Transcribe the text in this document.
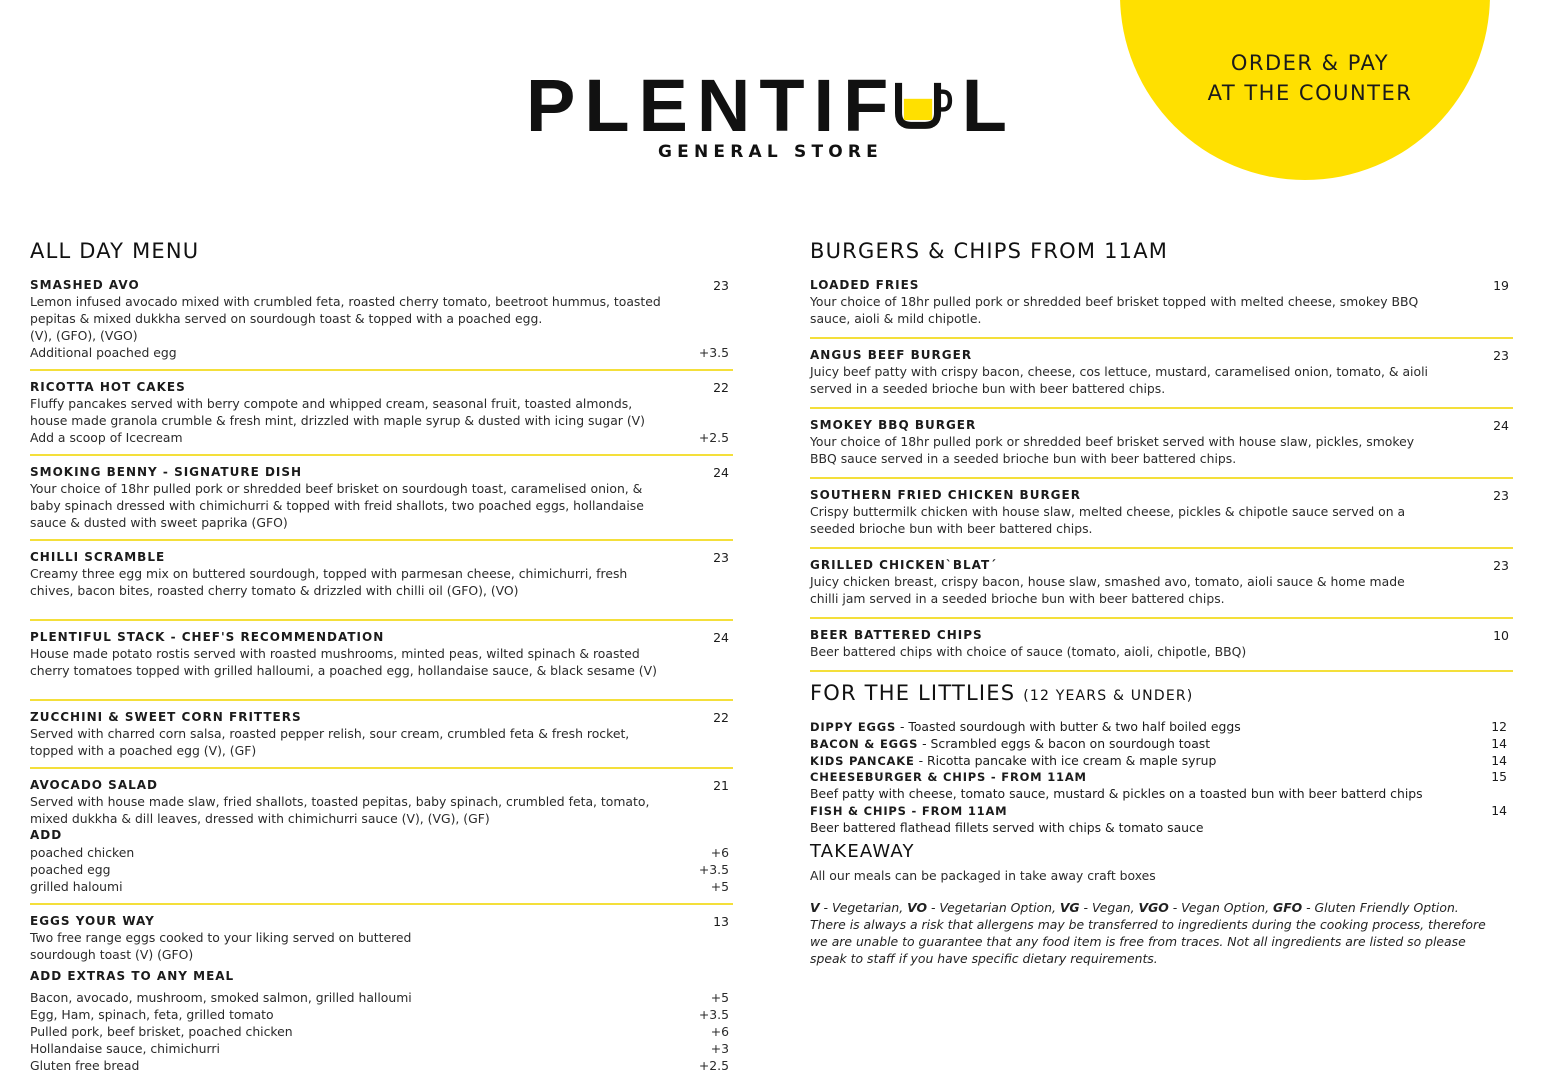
ORDER & PAY
AT THE COUNTER
PLENTIF L
GENERAL STORE
ALL DAY MENU
SMASHED AVO	23
Lemon infused avocado mixed with crumbled feta, roasted cherry tomato, beetroot hummus, toasted
pepitas & mixed dukkha served on sourdough toast & topped with a poached egg.
(V), (GFO), (VGO)
Additional poached egg	+3.5
RICOTTA HOT CAKES	22
Fluffy pancakes served with berry compote and whipped cream, seasonal fruit, toasted almonds,
house made granola crumble & fresh mint, drizzled with maple syrup & dusted with icing sugar (V)
Add a scoop of Icecream	+2.5
SMOKING BENNY - SIGNATURE DISH	24
Your choice of 18hr pulled pork or shredded beef brisket on sourdough toast, caramelised onion, &
baby spinach dressed with chimichurri & topped with freid shallots, two poached eggs, hollandaise
sauce & dusted with sweet paprika (GFO)
CHILLI SCRAMBLE	23
Creamy three egg mix on buttered sourdough, topped with parmesan cheese, chimichurri, fresh
chives, bacon bites, roasted cherry tomato & drizzled with chilli oil (GFO), (VO)
PLENTIFUL STACK - CHEF'S RECOMMENDATION	24
House made potato rostis served with roasted mushrooms, minted peas, wilted spinach & roasted
cherry tomatoes topped with grilled halloumi, a poached egg, hollandaise sauce, & black sesame (V)
ZUCCHINI & SWEET CORN FRITTERS	22
Served with charred corn salsa, roasted pepper relish, sour cream, crumbled feta & fresh rocket,
topped with a poached egg (V), (GF)
AVOCADO SALAD	21
Served with house made slaw, fried shallots, toasted pepitas, baby spinach, crumbled feta, tomato,
mixed dukkha & dill leaves, dressed with chimichurri sauce (V), (VG), (GF)
ADD
poached chicken	+6
poached egg	+3.5
grilled haloumi	+5
EGGS YOUR WAY	13
Two free range eggs cooked to your liking served on buttered
sourdough toast (V) (GFO)
ADD EXTRAS TO ANY MEAL
Bacon, avocado, mushroom, smoked salmon, grilled halloumi	+5
Egg, Ham, spinach, feta, grilled tomato	+3.5
Pulled pork, beef brisket, poached chicken	+6
Hollandaise sauce, chimichurri	+3
Gluten free bread	+2.5
BURGERS & CHIPS FROM 11AM
LOADED FRIES	19
Your choice of 18hr pulled pork or shredded beef brisket topped with melted cheese, smokey BBQ
sauce, aioli & mild chipotle.
ANGUS BEEF BURGER	23
Juicy beef patty with crispy bacon, cheese, cos lettuce, mustard, caramelised onion, tomato, & aioli
served in a seeded brioche bun with beer battered chips.
SMOKEY BBQ BURGER	24
Your choice of 18hr pulled pork or shredded beef brisket served with house slaw, pickles, smokey
BBQ sauce served in a seeded brioche bun with beer battered chips.
SOUTHERN FRIED CHICKEN BURGER	23
Crispy buttermilk chicken with house slaw, melted cheese, pickles & chipotle sauce served on a
seeded brioche bun with beer battered chips.
GRILLED CHICKEN`BLAT´	23
Juicy chicken breast, crispy bacon, house slaw, smashed avo, tomato, aioli sauce & home made
chilli jam served in a seeded brioche bun with beer battered chips.
BEER BATTERED CHIPS	10
Beer battered chips with choice of sauce (tomato, aioli, chipotle, BBQ)
FOR THE LITTLIES (12 YEARS & UNDER)
DIPPY EGGS - Toasted sourdough with butter & two half boiled eggs	12
BACON & EGGS - Scrambled eggs & bacon on sourdough toast	14
KIDS PANCAKE - Ricotta pancake with ice cream & maple syrup	14
CHEESEBURGER & CHIPS - FROM 11AM	15
Beef patty with cheese, tomato sauce, mustard & pickles on a toasted bun with beer batterd chips
FISH & CHIPS - FROM 11AM	14
Beer battered flathead fillets served with chips & tomato sauce
TAKEAWAY
All our meals can be packaged in take away craft boxes
V - Vegetarian, VO - Vegetarian Option, VG - Vegan, VGO - Vegan Option, GFO - Gluten Friendly Option.
There is always a risk that allergens may be transferred to ingredients during the cooking process, therefore
we are unable to guarantee that any food item is free from traces. Not all ingredients are listed so please
speak to staff if you have specific dietary requirements.
